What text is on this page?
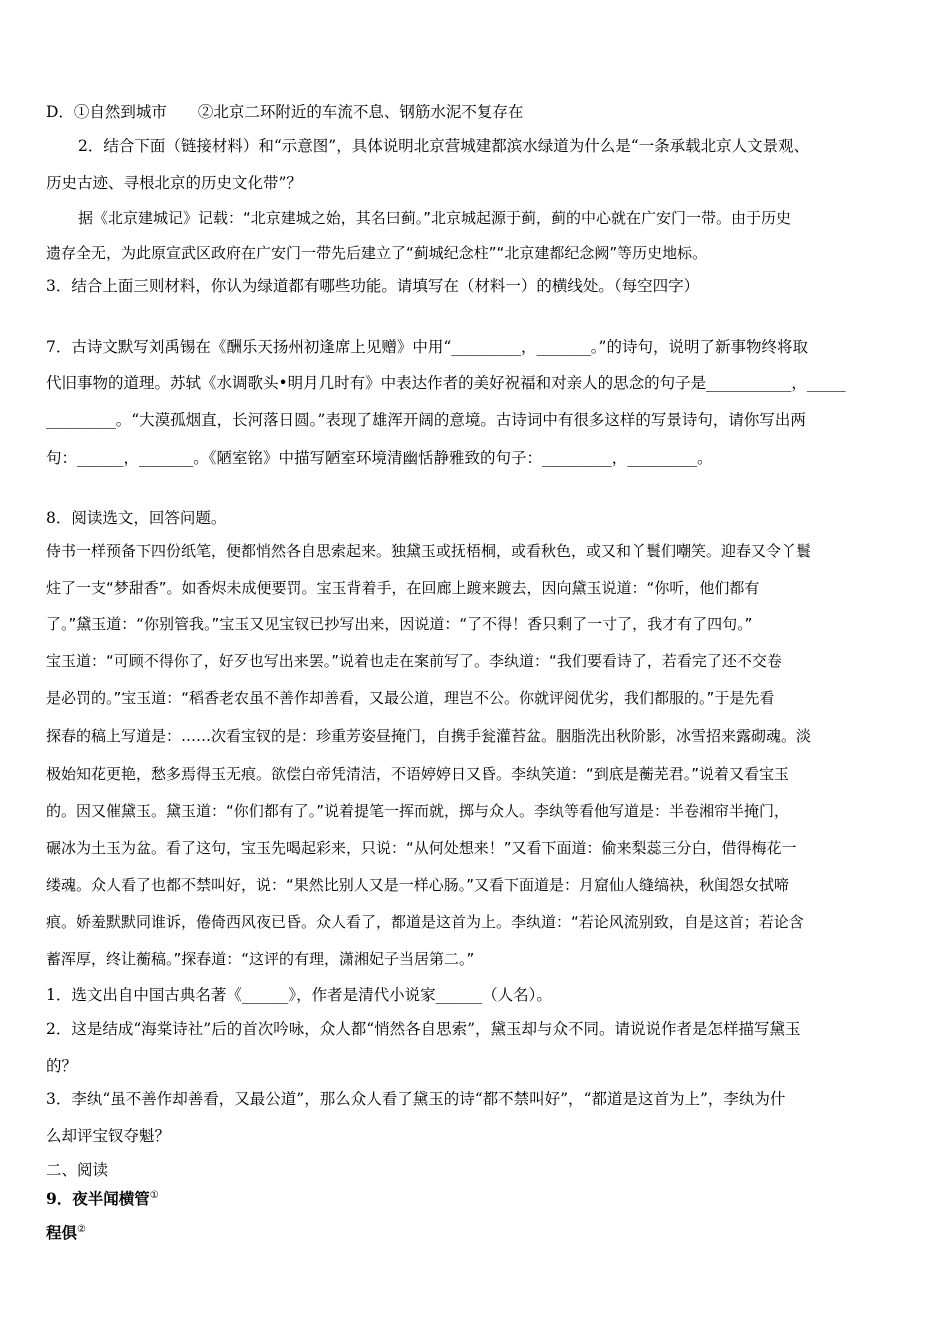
D．①自然到城市　　②北京二环附近的车流不息、钢筋水泥不复存在
2．结合下面（链接材料）和“示意图”，具体说明北京营城建都滨水绿道为什么是“一条承载北京人文景观、
历史古迹、寻根北京的历史文化带”？
据《北京建城记》记载：“北京建城之始，其名曰蓟。”北京城起源于蓟，蓟的中心就在广安门一带。由于历史
遗存全无，为此原宣武区政府在广安门一带先后建立了“蓟城纪念柱”“北京建都纪念阙”等历史地标。
3．结合上面三则材料，你认为绿道都有哪些功能。请填写在（材料一）的横线处。（每空四字）
7．古诗文默写刘禹锡在《酬乐天扬州初逢席上见赠》中用“_________，_______。”的诗句，说明了新事物终将取
代旧事物的道理。苏轼《水调歌头•明月几时有》中表达作者的美好祝福和对亲人的思念的句子是___________，_____
_________。“大漠孤烟直，长河落日圆。”表现了雄浑开阔的意境。古诗词中有很多这样的写景诗句，请你写出两
句：______，_______。《陋室铭》中描写陋室环境清幽恬静雅致的句子：_________，_________。
8．阅读选文，回答问题。
侍书一样预备下四份纸笔，便都悄然各自思索起来。独黛玉或抚梧桐，或看秋色，或又和丫鬟们嘲笑。迎春又令丫鬟
炷了一支“梦甜香”。如香烬未成便要罚。宝玉背着手，在回廊上踱来踱去，因向黛玉说道：“你听，他们都有
了。”黛玉道：“你别管我。”宝玉又见宝钗已抄写出来，因说道：“了不得！香只剩了一寸了，我才有了四句。”
宝玉道：“可顾不得你了，好歹也写出来罢。”说着也走在案前写了。李纨道：“我们要看诗了，若看完了还不交卷
是必罚的。”宝玉道：“稻香老农虽不善作却善看，又最公道，理岂不公。你就评阅优劣，我们都服的。”于是先看
探春的稿上写道是：……次看宝钗的是：珍重芳姿昼掩门，自携手瓮灌苔盆。胭脂洗出秋阶影，冰雪招来露砌魂。淡
极始知花更艳，愁多焉得玉无痕。欲偿白帝凭清洁，不语婷婷日又昏。李纨笑道：“到底是蘅芜君。”说着又看宝玉
的。因又催黛玉。黛玉道：“你们都有了。”说着提笔一挥而就，掷与众人。李纨等看他写道是：半卷湘帘半掩门，
碾冰为土玉为盆。看了这句，宝玉先喝起彩来，只说：“从何处想来！”又看下面道：偷来梨蕊三分白，借得梅花一
缕魂。众人看了也都不禁叫好，说：“果然比别人又是一样心肠。”又看下面道是：月窟仙人缝缟袂，秋闺怨女拭啼
痕。娇羞默默同谁诉，倦倚西风夜已昏。众人看了，都道是这首为上。李纨道：“若论风流别致，自是这首；若论含
蓄浑厚，终让蘅稿。”探春道：“这评的有理，潇湘妃子当居第二。”
1．选文出自中国古典名著《______》，作者是清代小说家______（人名）。
2．这是结成“海棠诗社”后的首次吟咏，众人都“悄然各自思索”，黛玉却与众不同。请说说作者是怎样描写黛玉
的？
3．李纨“虽不善作却善看，又最公道”，那么众人看了黛玉的诗“都不禁叫好”，“都道是这首为上”，李纨为什
么却评宝钗夺魁？
二、阅读
9．夜半闻横管①
程俱②
